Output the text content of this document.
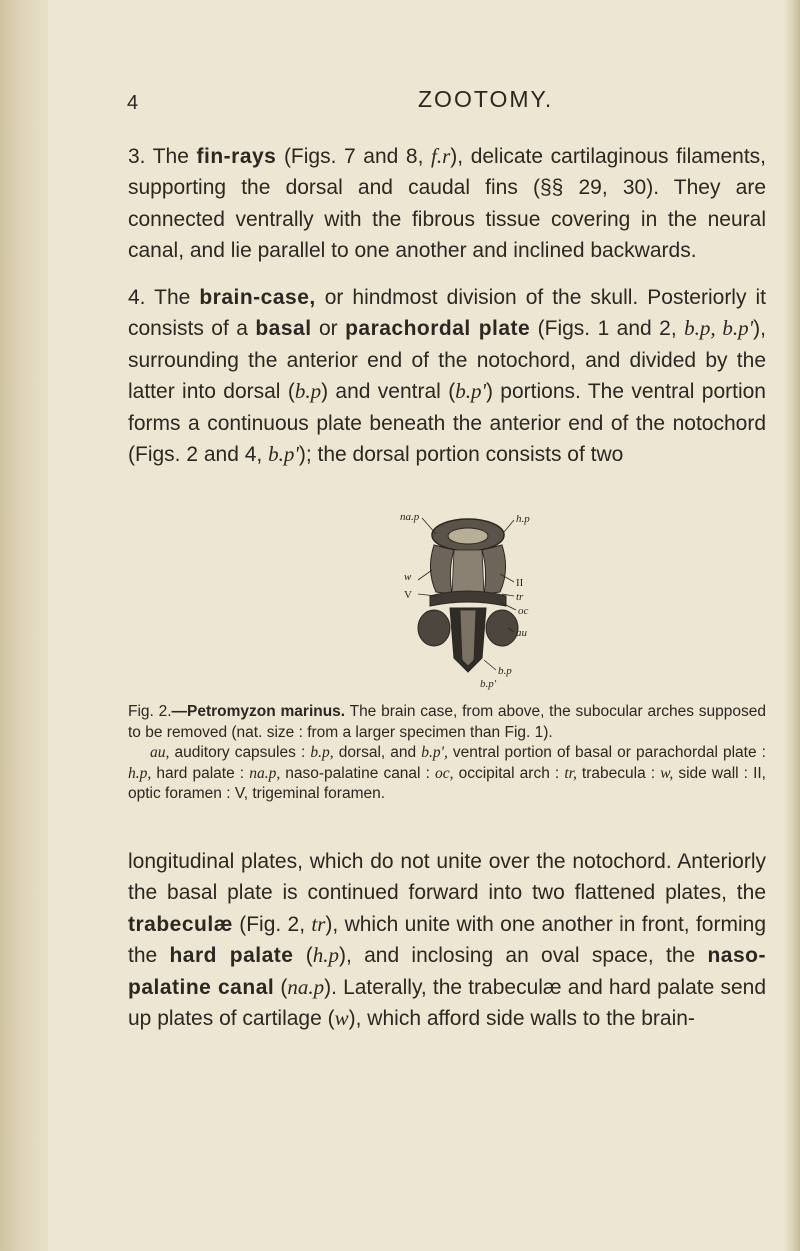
4	ZOOTOMY.

3. The fin-rays (Figs. 7 and 8, f.r), delicate cartilaginous filaments, supporting the dorsal and caudal fins (§§ 29, 30). They are connected ventrally with the fibrous tissue covering in the neural canal, and lie parallel to one another and inclined backwards.

4. The brain-case, or hindmost division of the skull. Posteriorly it consists of a basal or parachordal plate (Figs. 1 and 2, b.p, b.p'), surrounding the anterior end of the notochord, and divided by the latter into dorsal (b.p) and ventral (b.p') portions. The ventral portion forms a continuous plate beneath the anterior end of the notochord (Figs. 2 and 4, b.p'); the dorsal portion consists of two

na.p	h.p
w
V
II
tr
oc
au
b.p
b.p'
Fig. 2.—Petromyzon marinus. The brain case, from above, the subocular arches supposed to be removed (nat. size : from a larger specimen than Fig. 1).
au, auditory capsules : b.p, dorsal, and b.p', ventral portion of basal or parachordal plate : h.p, hard palate : na.p, naso-palatine canal : oc, occipital arch : tr, trabecula : w, side wall : II, optic foramen : V, trigeminal foramen.

longitudinal plates, which do not unite over the notochord. Anteriorly the basal plate is continued forward into two flattened plates, the trabeculæ (Fig. 2, tr), which unite with one another in front, forming the hard palate (h.p), and inclosing an oval space, the naso-palatine canal (na.p). Laterally, the trabeculæ and hard palate send up plates of cartilage (w), which afford side walls to the brain-
